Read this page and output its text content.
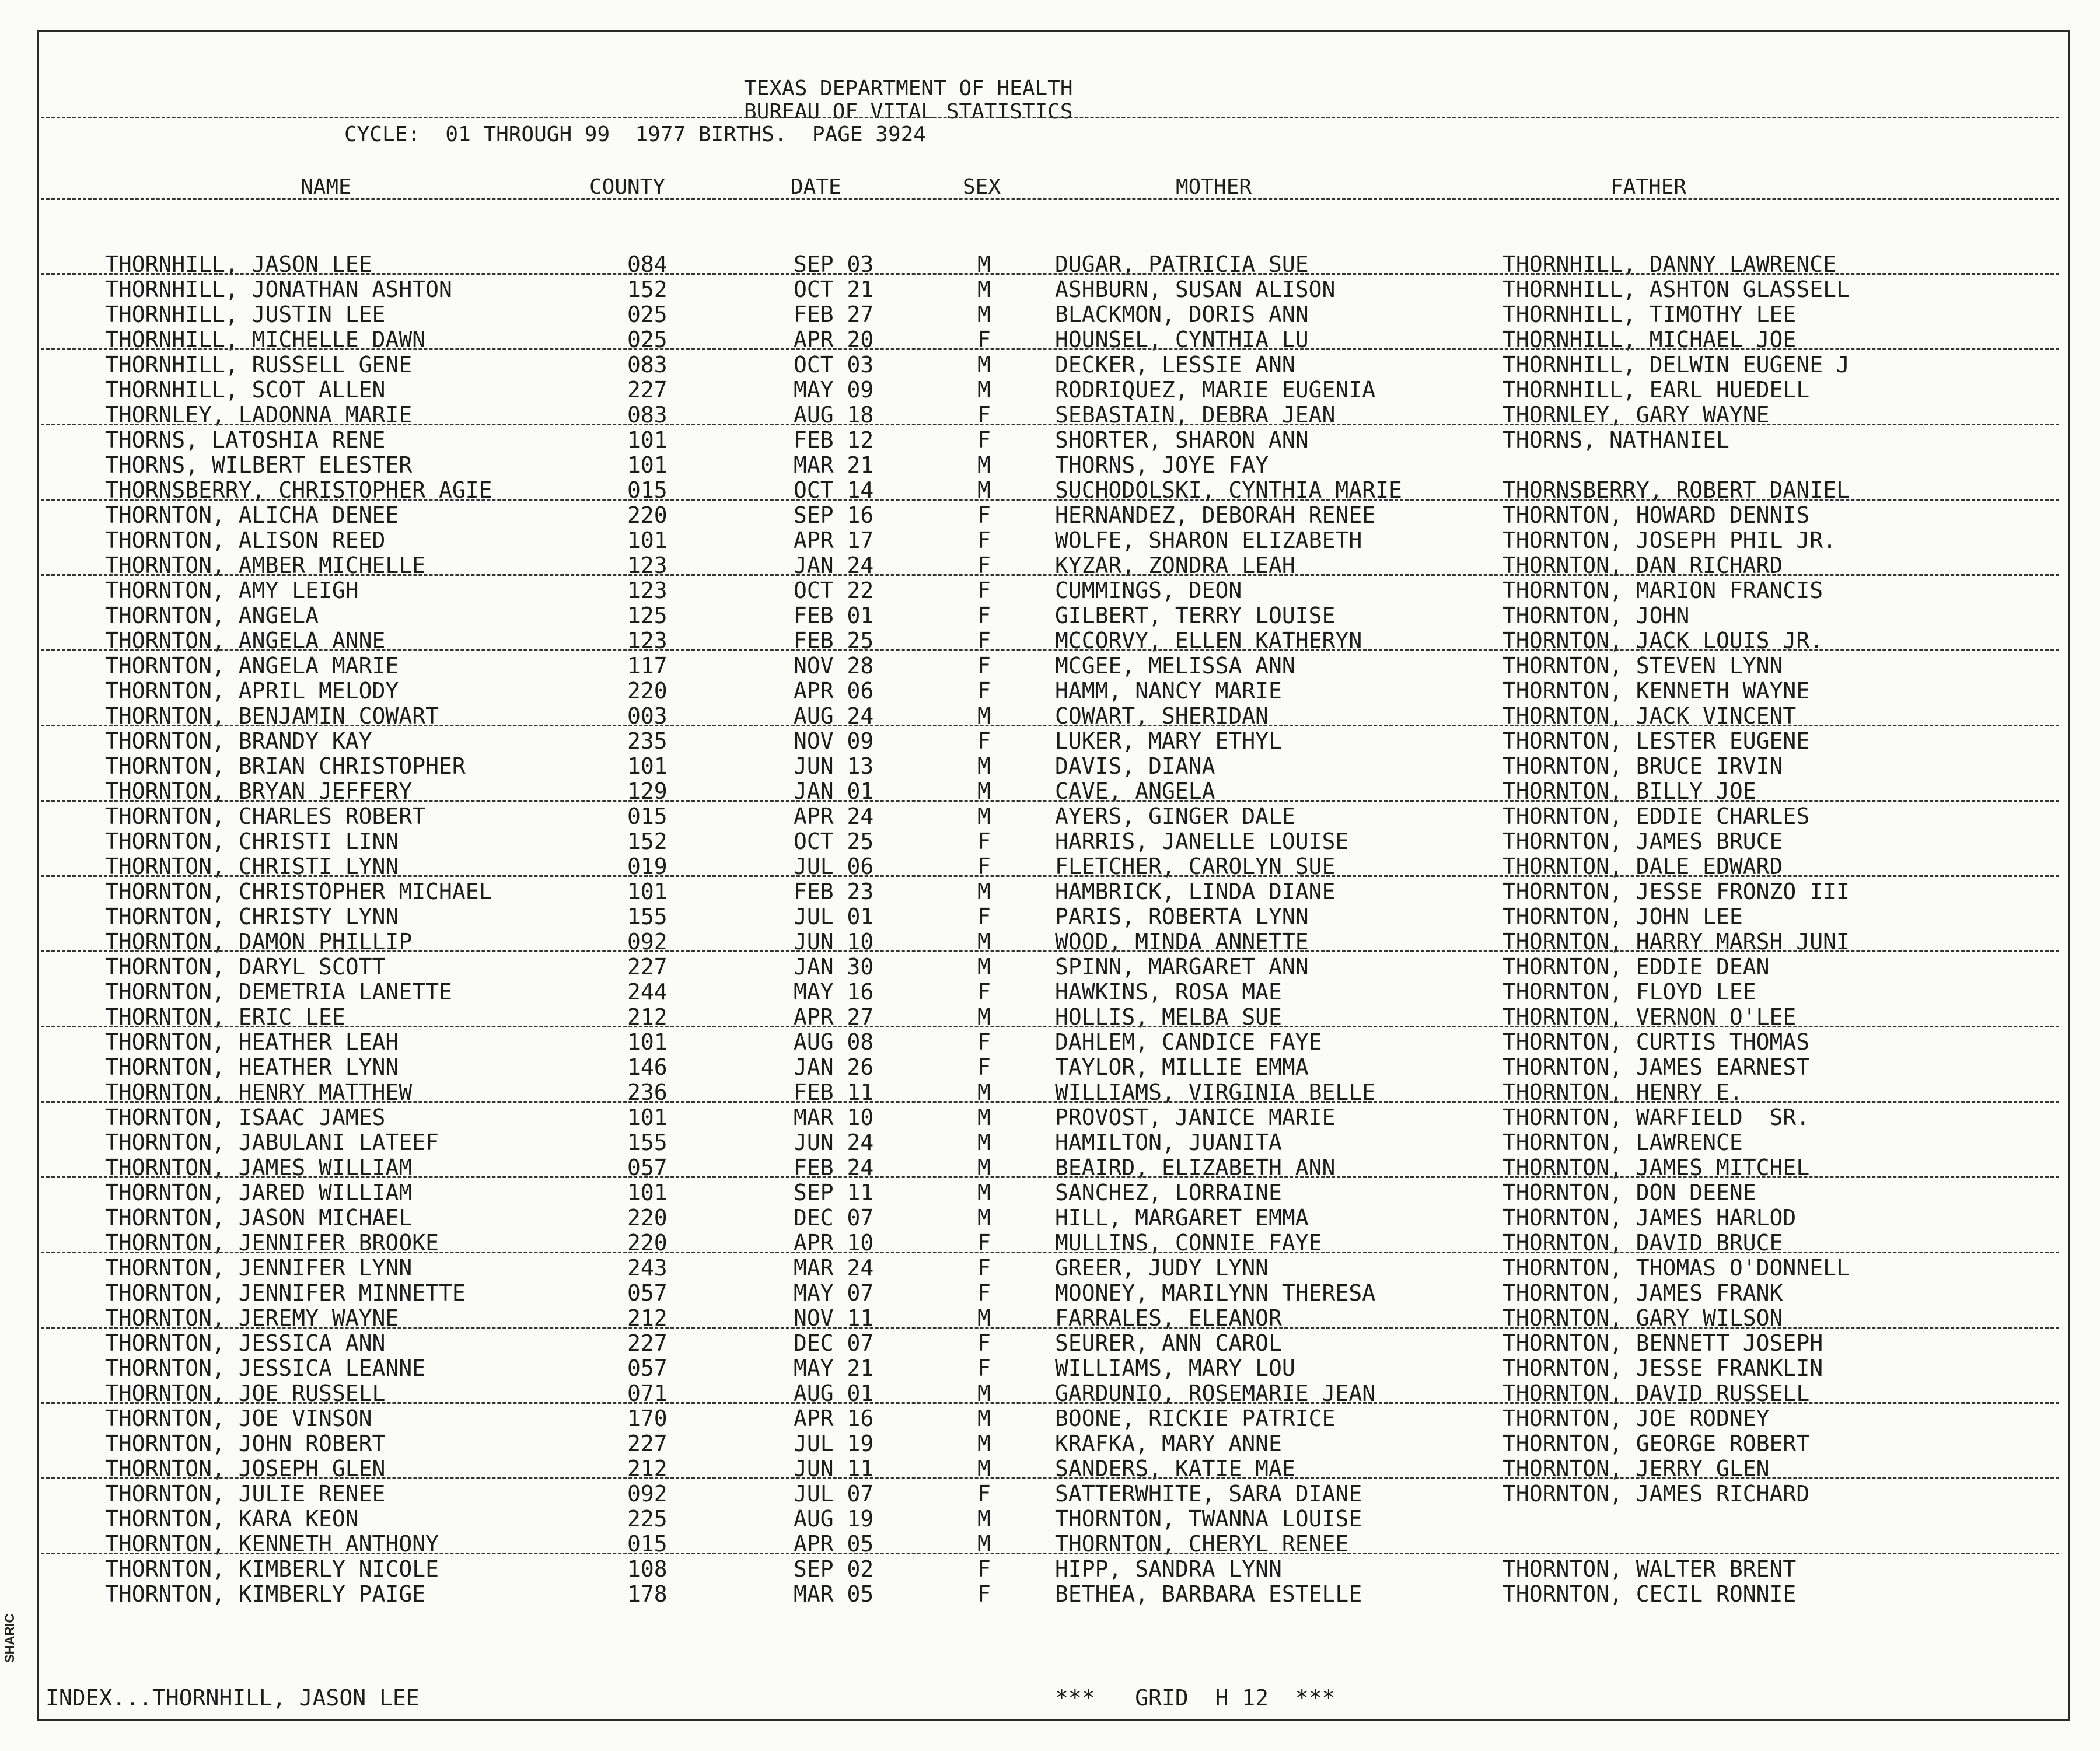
TEXAS DEPARTMENT OF HEALTH
BUREAU OF VITAL STATISTICS
CYCLE:  01 THROUGH 99  1977 BIRTHS.  PAGE 3924
NAME	COUNTY	DATE	SEX	MOTHER	FATHER
THORNHILL, JASON LEE	084	SEP 03	M	DUGAR, PATRICIA SUE	THORNHILL, DANNY LAWRENCE
THORNHILL, JONATHAN ASHTON	152	OCT 21	M	ASHBURN, SUSAN ALISON	THORNHILL, ASHTON GLASSELL
THORNHILL, JUSTIN LEE	025	FEB 27	M	BLACKMON, DORIS ANN	THORNHILL, TIMOTHY LEE
THORNHILL, MICHELLE DAWN	025	APR 20	F	HOUNSEL, CYNTHIA LU	THORNHILL, MICHAEL JOE
THORNHILL, RUSSELL GENE	083	OCT 03	M	DECKER, LESSIE ANN	THORNHILL, DELWIN EUGENE J
THORNHILL, SCOT ALLEN	227	MAY 09	M	RODRIQUEZ, MARIE EUGENIA	THORNHILL, EARL HUEDELL
THORNLEY, LADONNA MARIE	083	AUG 18	F	SEBASTAIN, DEBRA JEAN	THORNLEY, GARY WAYNE
THORNS, LATOSHIA RENE	101	FEB 12	F	SHORTER, SHARON ANN	THORNS, NATHANIEL
THORNS, WILBERT ELESTER	101	MAR 21	M	THORNS, JOYE FAY
THORNSBERRY, CHRISTOPHER AGIE	015	OCT 14	M	SUCHODOLSKI, CYNTHIA MARIE	THORNSBERRY, ROBERT DANIEL
THORNTON, ALICHA DENEE	220	SEP 16	F	HERNANDEZ, DEBORAH RENEE	THORNTON, HOWARD DENNIS
THORNTON, ALISON REED	101	APR 17	F	WOLFE, SHARON ELIZABETH	THORNTON, JOSEPH PHIL JR.
THORNTON, AMBER MICHELLE	123	JAN 24	F	KYZAR, ZONDRA LEAH	THORNTON, DAN RICHARD
THORNTON, AMY LEIGH	123	OCT 22	F	CUMMINGS, DEON	THORNTON, MARION FRANCIS
THORNTON, ANGELA	125	FEB 01	F	GILBERT, TERRY LOUISE	THORNTON, JOHN
THORNTON, ANGELA ANNE	123	FEB 25	F	MCCORVY, ELLEN KATHERYN	THORNTON, JACK LOUIS JR.
THORNTON, ANGELA MARIE	117	NOV 28	F	MCGEE, MELISSA ANN	THORNTON, STEVEN LYNN
THORNTON, APRIL MELODY	220	APR 06	F	HAMM, NANCY MARIE	THORNTON, KENNETH WAYNE
THORNTON, BENJAMIN COWART	003	AUG 24	M	COWART, SHERIDAN	THORNTON, JACK VINCENT
THORNTON, BRANDY KAY	235	NOV 09	F	LUKER, MARY ETHYL	THORNTON, LESTER EUGENE
THORNTON, BRIAN CHRISTOPHER	101	JUN 13	M	DAVIS, DIANA	THORNTON, BRUCE IRVIN
THORNTON, BRYAN JEFFERY	129	JAN 01	M	CAVE, ANGELA	THORNTON, BILLY JOE
THORNTON, CHARLES ROBERT	015	APR 24	M	AYERS, GINGER DALE	THORNTON, EDDIE CHARLES
THORNTON, CHRISTI LINN	152	OCT 25	F	HARRIS, JANELLE LOUISE	THORNTON, JAMES BRUCE
THORNTON, CHRISTI LYNN	019	JUL 06	F	FLETCHER, CAROLYN SUE	THORNTON, DALE EDWARD
THORNTON, CHRISTOPHER MICHAEL	101	FEB 23	M	HAMBRICK, LINDA DIANE	THORNTON, JESSE FRONZO III
THORNTON, CHRISTY LYNN	155	JUL 01	F	PARIS, ROBERTA LYNN	THORNTON, JOHN LEE
THORNTON, DAMON PHILLIP	092	JUN 10	M	WOOD, MINDA ANNETTE	THORNTON, HARRY MARSH JUNI
THORNTON, DARYL SCOTT	227	JAN 30	M	SPINN, MARGARET ANN	THORNTON, EDDIE DEAN
THORNTON, DEMETRIA LANETTE	244	MAY 16	F	HAWKINS, ROSA MAE	THORNTON, FLOYD LEE
THORNTON, ERIC LEE	212	APR 27	M	HOLLIS, MELBA SUE	THORNTON, VERNON O'LEE
THORNTON, HEATHER LEAH	101	AUG 08	F	DAHLEM, CANDICE FAYE	THORNTON, CURTIS THOMAS
THORNTON, HEATHER LYNN	146	JAN 26	F	TAYLOR, MILLIE EMMA	THORNTON, JAMES EARNEST
THORNTON, HENRY MATTHEW	236	FEB 11	M	WILLIAMS, VIRGINIA BELLE	THORNTON, HENRY E.
THORNTON, ISAAC JAMES	101	MAR 10	M	PROVOST, JANICE MARIE	THORNTON, WARFIELD  SR.
THORNTON, JABULANI LATEEF	155	JUN 24	M	HAMILTON, JUANITA	THORNTON, LAWRENCE
THORNTON, JAMES WILLIAM	057	FEB 24	M	BEAIRD, ELIZABETH ANN	THORNTON, JAMES MITCHEL
THORNTON, JARED WILLIAM	101	SEP 11	M	SANCHEZ, LORRAINE	THORNTON, DON DEENE
THORNTON, JASON MICHAEL	220	DEC 07	M	HILL, MARGARET EMMA	THORNTON, JAMES HARLOD
THORNTON, JENNIFER BROOKE	220	APR 10	F	MULLINS, CONNIE FAYE	THORNTON, DAVID BRUCE
THORNTON, JENNIFER LYNN	243	MAR 24	F	GREER, JUDY LYNN	THORNTON, THOMAS O'DONNELL
THORNTON, JENNIFER MINNETTE	057	MAY 07	F	MOONEY, MARILYNN THERESA	THORNTON, JAMES FRANK
THORNTON, JEREMY WAYNE	212	NOV 11	M	FARRALES, ELEANOR	THORNTON, GARY WILSON
THORNTON, JESSICA ANN	227	DEC 07	F	SEURER, ANN CAROL	THORNTON, BENNETT JOSEPH
THORNTON, JESSICA LEANNE	057	MAY 21	F	WILLIAMS, MARY LOU	THORNTON, JESSE FRANKLIN
THORNTON, JOE RUSSELL	071	AUG 01	M	GARDUNIO, ROSEMARIE JEAN	THORNTON, DAVID RUSSELL
THORNTON, JOE VINSON	170	APR 16	M	BOONE, RICKIE PATRICE	THORNTON, JOE RODNEY
THORNTON, JOHN ROBERT	227	JUL 19	M	KRAFKA, MARY ANNE	THORNTON, GEORGE ROBERT
THORNTON, JOSEPH GLEN	212	JUN 11	M	SANDERS, KATIE MAE	THORNTON, JERRY GLEN
THORNTON, JULIE RENEE	092	JUL 07	F	SATTERWHITE, SARA DIANE	THORNTON, JAMES RICHARD
THORNTON, KARA KEON	225	AUG 19	M	THORNTON, TWANNA LOUISE
THORNTON, KENNETH ANTHONY	015	APR 05	M	THORNTON, CHERYL RENEE
THORNTON, KIMBERLY NICOLE	108	SEP 02	F	HIPP, SANDRA LYNN	THORNTON, WALTER BRENT
THORNTON, KIMBERLY PAIGE	178	MAR 05	F	BETHEA, BARBARA ESTELLE	THORNTON, CECIL RONNIE
INDEX...THORNHILL, JASON LEE	***   GRID  H 12  ***
SHARIC
